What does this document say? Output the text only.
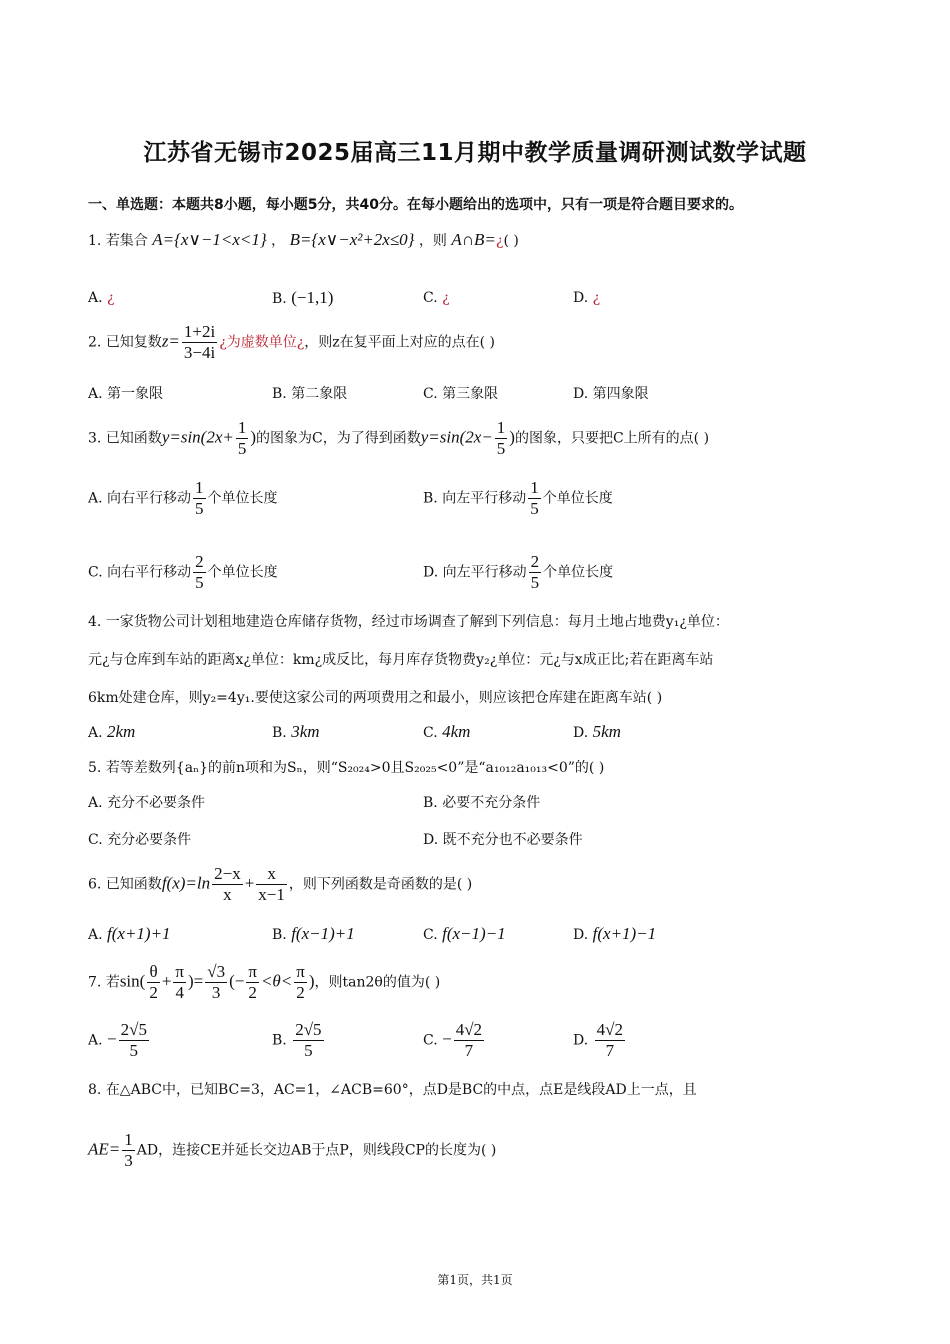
江苏省无锡市2025届高三11月期中教学质量调研测试数学试题
一、单选题：本题共8小题，每小题5分，共40分。在每小题给出的选项中，只有一项是符合题目要求的。
1. 若集合 A={x∨−1<x<1} ， B={x∨−x²+2x≤0} ，则 A∩B=¿( )
A. ¿	B. (−1,1)	C. ¿	D. ¿
2. 已知复数$z= \frac{1+2i}{3-4i}$ ¿为虚数单位¿，则z在复平面上对应的点在( )
A. 第一象限	B. 第二象限	C. 第三象限	D. 第四象限
3. 已知函数$y=\sin(2x+ \frac{1}{5}$ )的图象为C，为了得到函数$y=\sin(2x- \frac{1}{5}$ )的图象，只要把C上所有的点( )
A. 向右平行移动 $\frac{1}{5}$ 个单位长度	B. 向左平行移动 $\frac{1}{5}$ 个单位长度
C. 向右平行移动 $\frac{2}{5}$ 个单位长度	D. 向左平行移动 $\frac{2}{5}$ 个单位长度
4. 一家货物公司计划租地建造仓库储存货物，经过市场调查了解到下列信息：每月土地占地费y₁¿单位：
元¿与仓库到车站的距离x¿单位：km¿成反比，每月库存货物费y₂¿单位：元¿与x成正比;若在距离车站
6km处建仓库，则y₂=4y₁.要使这家公司的两项费用之和最小，则应该把仓库建在距离车站( )
A. 2km	B. 3km	C. 4km	D. 5km
5. 若等差数列{aₙ}的前n项和为Sₙ，则“S₂₀₂₄>0且S₂₀₂₅<0”是“a₁₀₁₂a₁₀₁₃<0”的( )
A. 充分不必要条件	B. 必要不充分条件
C. 充分必要条件	D. 既不充分也不必要条件
6. 已知函数$f(x)=\ln \frac{2-x}{x} + \frac{x}{x-1}$ ，则下列函数是奇函数的是( )
A. f(x+1)+1	B. f(x−1)+1	C. f(x−1)−1	D. f(x+1)−1
7. 若$\sin( \frac{\theta}{2} + \frac{\pi}{4}$ )= $\frac{√3}{3}$ (− $\frac{\pi}{2} <\theta< \frac{\pi}{2}$ )，则tan2θ的值为( )
A. − $\frac{2√5}{5}$	B. $\frac{2√5}{5}$	C. − $\frac{4√2}{7}$	D. $\frac{4√2}{7}$
8. 在△ABC中，已知BC=3，AC=1，∠ACB=60°，点D是BC的中点，点E是线段AD上一点，且
$AE= \frac{1}{3}$ AD，连接CE并延长交边AB于点P，则线段CP的长度为( )
第1页，共1页
